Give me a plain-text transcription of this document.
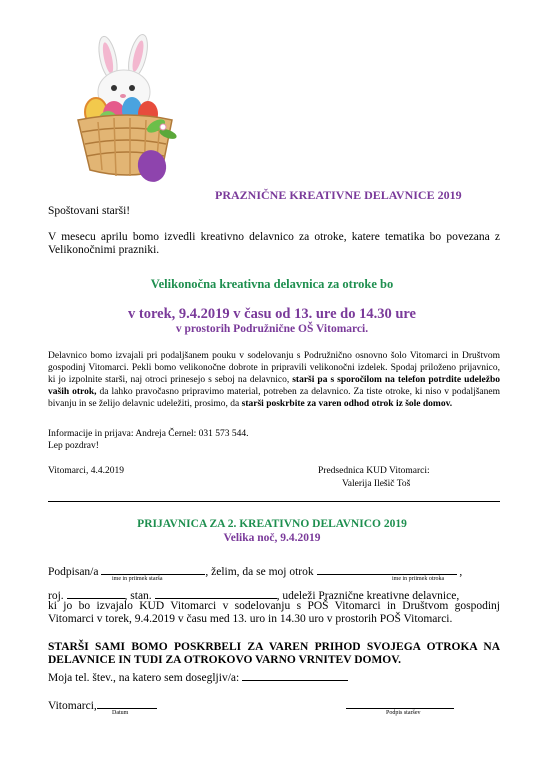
PRAZNIČNE KREATIVNE DELAVNICE 2019
Spoštovani starši!
V mesecu aprilu bomo izvedli kreativno delavnico za otroke, katere tematika bo povezana z Velikonočnimi prazniki.
Velikonočna kreativna delavnica za otroke bo
v torek, 9.4.2019 v času od 13. ure do 14.30 ure
v prostorih Podružnične OŠ Vitomarci.
Delavnico bomo izvajali pri podaljšanem pouku v sodelovanju s Podružnično osnovno šolo Vitomarci in Društvom gospodinj Vitomarci. Pekli bomo velikonočne dobrote in pripravili velikonočni izdelek. Spodaj priloženo prijavnico, ki jo izpolnite starši, naj otroci prinesejo s seboj na delavnico, starši pa s sporočilom na telefon potrdite udeležbo vaših otrok, da lahko pravočasno pripravimo material, potreben za delavnico. Za tiste otroke, ki niso v podaljšanem bivanju in se želijo delavnic udeležiti, prosimo, da starši poskrbite za varen odhod otrok iz šole domov.
Informacije in prijava: Andreja Černel: 031 573 544.
Lep pozdrav!
Vitomarci, 4.4.2019	Predsednica KUD Vitomarci:
Valerija Ilešič Toš
PRIJAVNICA ZA 2. KREATIVNO DELAVNICO 2019
Velika noč, 9.4.2019
Podpisan/a	, želim, da se moj otrok	,
ime in priimek starša	ime in priimek otroka
roj.	, stan.	, udeleži Praznične kreativne delavnice,
ki jo bo izvajalo KUD Vitomarci v sodelovanju s POŠ Vitomarci in Društvom gospodinj
Vitomarci v torek, 9.4.2019 v času med 13. uro in 14.30 uro v prostorih POŠ Vitomarci.
STARŠI SAMI BOMO POSKRBELI ZA VAREN PRIHOD SVOJEGA OTROKA NA DELAVNICE IN TUDI ZA OTROKOVO VARNO VRNITEV DOMOV.
Moja tel. štev., na katero sem dosegljiv/a:
Vitomarci,
Datum	Podpis staršev
